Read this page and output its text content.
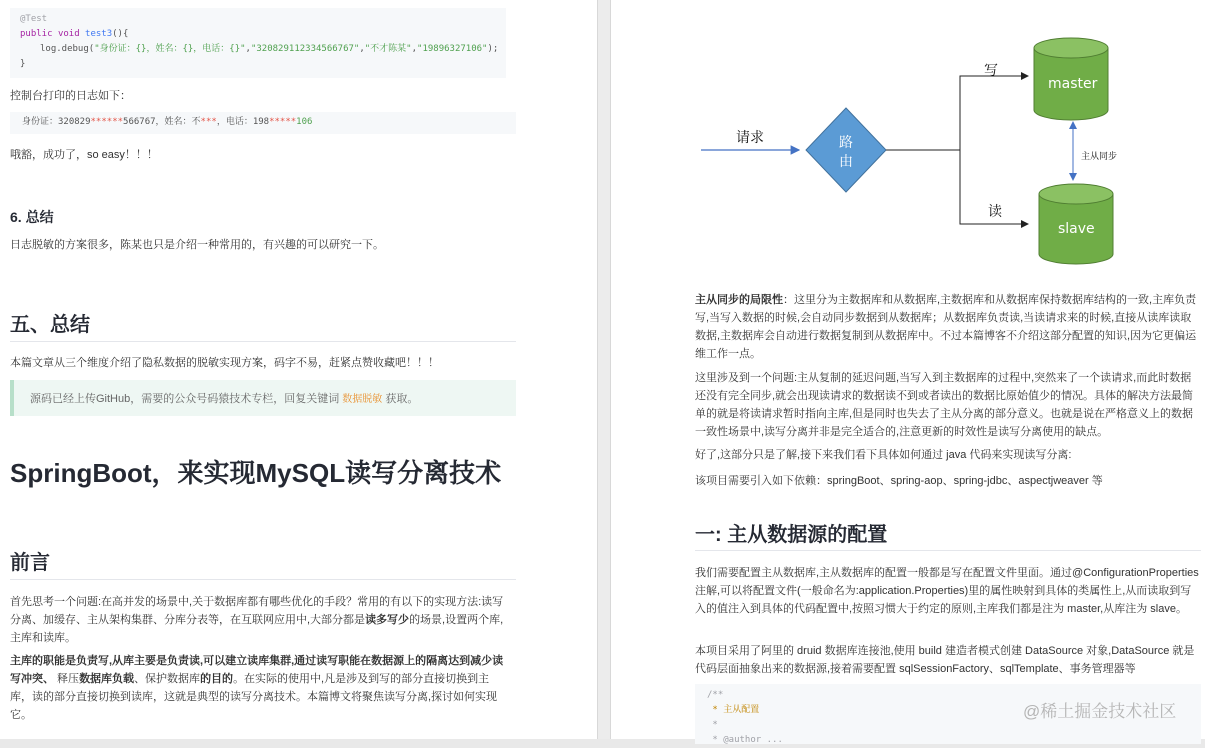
@Test
public void test3(){
log.debug("身份证：{}，姓名：{}，电话：{}","320829112334566767","不才陈某","19896327106");
}
控制台打印的日志如下：
身份证：320829******566767，姓名：不***，电话：198*****106
哦豁，成功了，so easy！！！
6. 总结
日志脱敏的方案很多，陈某也只是介绍一种常用的，有兴趣的可以研究一下。
五、总结
本篇文章从三个维度介绍了隐私数据的脱敏实现方案，码字不易，赶紧点赞收藏吧！！！
源码已经上传GitHub，需要的公众号码猿技术专栏，回复关键词 数据脱敏 获取。
SpringBoot，来实现MySQL读写分离技术
前言
首先思考一个问题:在高并发的场景中,关于数据库都有哪些优化的手段？常用的有以下的实现方法:读写分离、加缓存、主从架构集群、分库分表等，在互联网应用中,大部分都是读多写少的场景,设置两个库,主库和读库。
主库的职能是负责写,从库主要是负责读,可以建立读库集群,通过读写职能在数据源上的隔离达到减少读写冲突、 释压数据库负载、保护数据库的目的。在实际的使用中,凡是涉及到写的部分直接切换到主库，读的部分直接切换到读库，这就是典型的读写分离技术。本篇博文将聚焦读写分离,探讨如何实现它。
请求	路
由
写
读
master
slave
主从同步
主从同步的局限性：这里分为主数据库和从数据库,主数据库和从数据库保持数据库结构的一致,主库负责写,当写入数据的时候,会自动同步数据到从数据库；从数据库负责读,当读请求来的时候,直接从读库读取数据,主数据库会自动进行数据复制到从数据库中。不过本篇博客不介绍这部分配置的知识,因为它更偏运维工作一点。
这里涉及到一个问题:主从复制的延迟问题,当写入到主数据库的过程中,突然来了一个读请求,而此时数据还没有完全同步,就会出现读请求的数据读不到或者读出的数据比原始值少的情况。具体的解决方法最简单的就是将读请求暂时指向主库,但是同时也失去了主从分离的部分意义。也就是说在严格意义上的数据一致性场景中,读写分离并非是完全适合的,注意更新的时效性是读写分离使用的缺点。
好了,这部分只是了解,接下来我们看下具体如何通过 java 代码来实现读写分离:
该项目需要引入如下依赖：springBoot、spring-aop、spring-jdbc、aspectjweaver 等
一: 主从数据源的配置
我们需要配置主从数据库,主从数据库的配置一般都是写在配置文件里面。通过@ConfigurationProperties 注解,可以将配置文件(一般命名为:application.Properties)里的属性映射到具体的类属性上,从而读取到写入的值注入到具体的代码配置中,按照习惯大于约定的原则,主库我们都是注为 master,从库注为 slave。
本项目采用了阿里的 druid 数据库连接池,使用 build 建造者模式创建 DataSource 对象,DataSource 就是代码层面抽象出来的数据源,接着需要配置 sqlSessionFactory、sqlTemplate、事务管理器等
/**
* 主从配置
*
* @author ...
@稀土掘金技术社区
